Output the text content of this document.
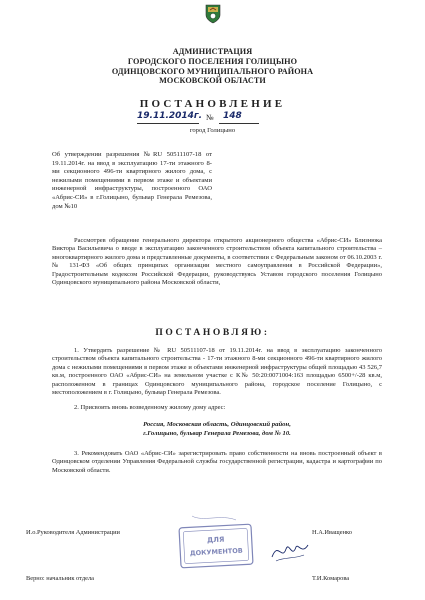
АДМИНИСТРАЦИЯ
ГОРОДСКОГО ПОСЕЛЕНИЯ ГОЛИЦЫНО
ОДИНЦОВСКОГО МУНИЦИПАЛЬНОГО РАЙОНА
МОСКОВСКОЙ ОБЛАСТИ
ПОСТАНОВЛЕНИЕ
19.11.2014г. № 148
город Голицыно
Об утверждении разрешения №RU 50511107-18 от 19.11.2014г. на ввод в эксплуатацию 17-ти этажного 8-ми секционного 496-ти квартирного жилого дома, с нежилыми помещениями в первом этаже и объектами инженерной инфраструктуры, построенного ОАО «Абрис-СИ» в г.Голицыно, бульвар Генерала Ремезова, дом №10
Рассмотрев обращение генерального директора открытого акционерного общества «Абрис-СИ» Близнюка Виктора Васильевича о вводе в эксплуатацию законченного строительством объекта капитального строительства – многоквартирного жилого дома и представленные документы, в соответствии с Федеральным законом от 06.10.2003 г. № 131-ФЗ «Об общих принципах организации местного самоуправления в Российской Федерации», Градостроительным кодексом Российской Федерации, руководствуясь Уставом городского поселения Голицыно Одинцовского муниципального района Московской области,
ПОСТАНОВЛЯЮ:
1. Утвердить разрешение № RU 50511107-18 от 19.11.2014г. на ввод в эксплуатацию законченного строительством объекта капитального строительства - 17-ти этажного 8-ми секционного 496-ти квартирного жилого дома с нежилыми помещениями в первом этаже и объектами инженерной инфраструктуры общей площадью 43 526,7 кв.м, построенного ОАО «Абрис-СИ» на земельном участке с К№ 50:20:0071004:163 площадью 6500+/-28 кв.м, расположенном в границах Одинцовского муниципального района, городское поселение Голицыно, с местоположением в г. Голицыно, бульвар Генерала Ремезова.
2. Присвоить вновь возведенному жилому дому адрес:
Россия, Московская область, Одинцовский район,
г.Голицыно, бульвар Генерала Ремезова, дом № 10.
3. Рекомендовать ОАО «Абрис-СИ» зарегистрировать право собственности на вновь построенный объект в Одинцовском отделении Управления Федеральной службы государственной регистрации, кадастра и картографии по Московской области.
И.о.Руководителя Администрации	Н.А.Иващенко
Верно: начальник отдела	Т.И.Комарова
ДЛЯ
ДОКУМЕНТОВ
